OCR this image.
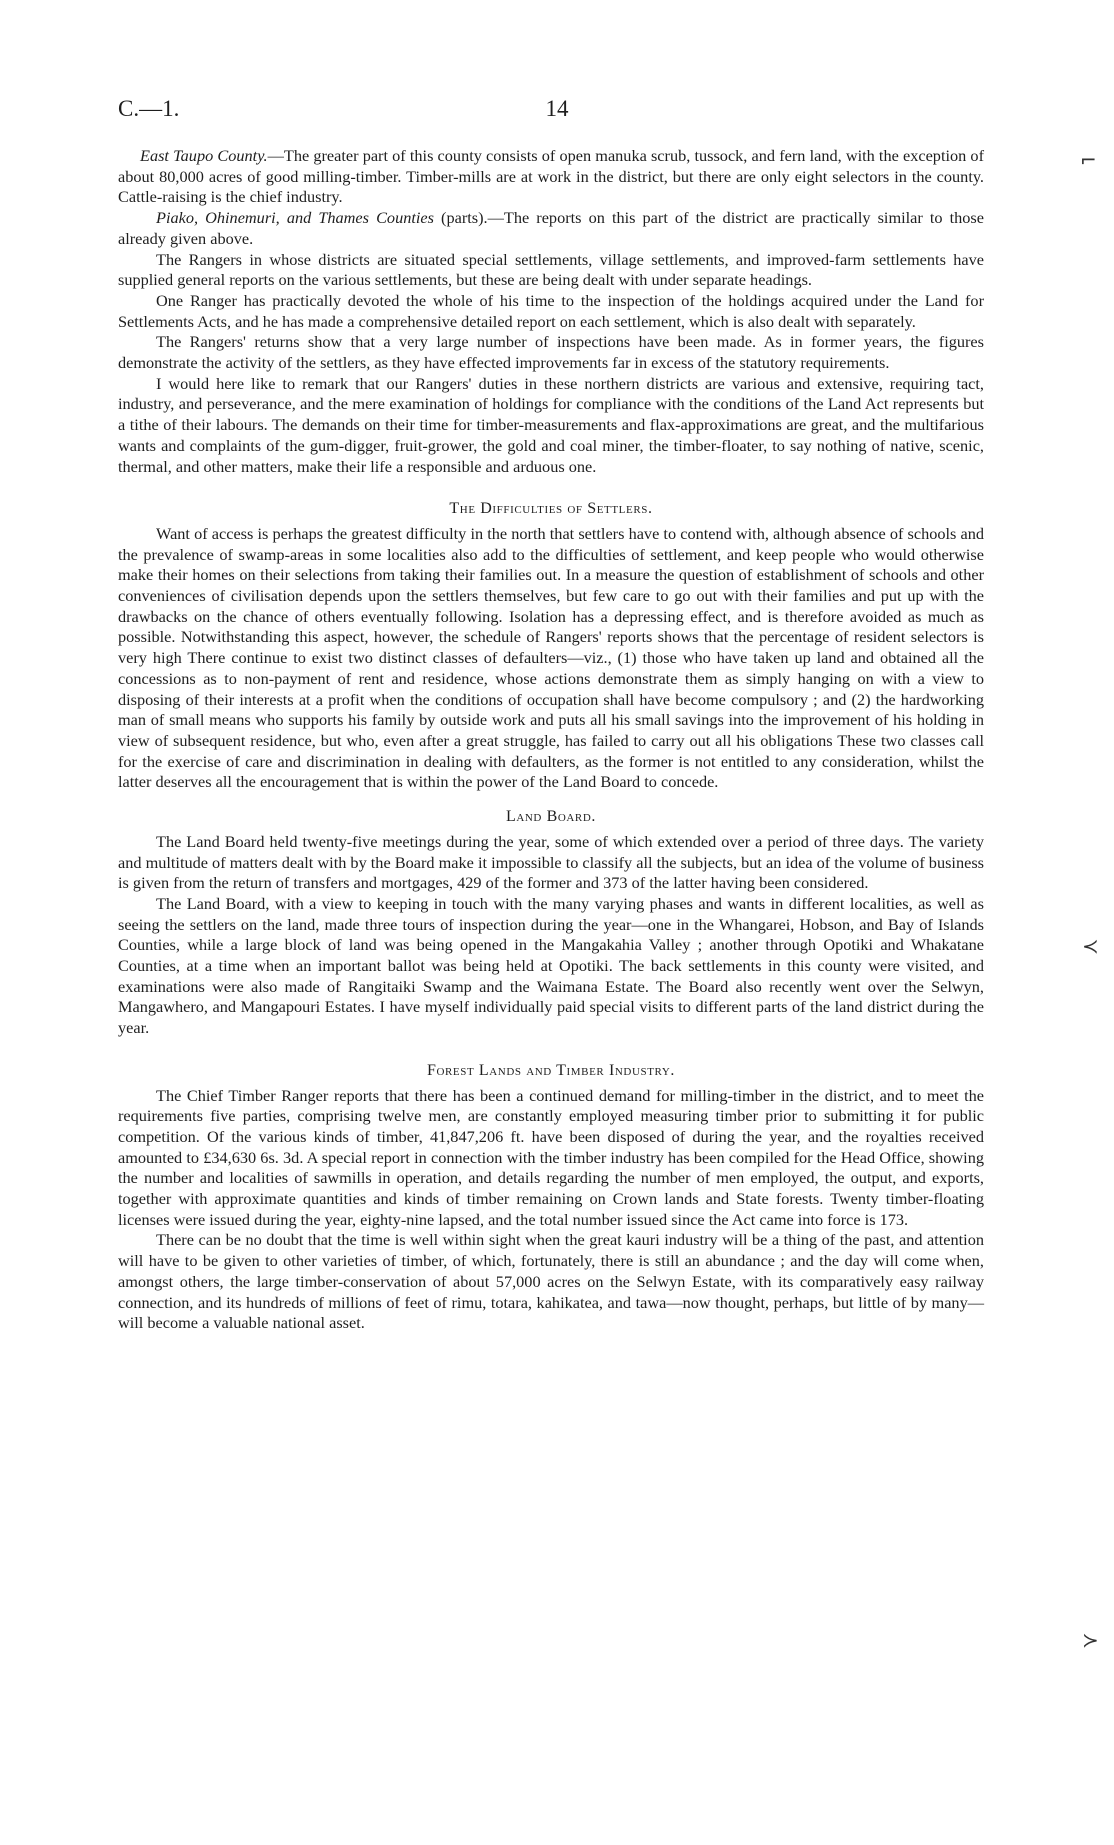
C.—1.	14
⌐
≺
≻

East Taupo County.—The greater part of this county consists of open manuka scrub, tussock, and fern land, with the exception of about 80,000 acres of good milling-timber. Timber-mills are at work in the district, but there are only eight selectors in the county. Cattle-raising is the chief industry.

Piako, Ohinemuri, and Thames Counties (parts).—The reports on this part of the district are practically similar to those already given above.

The Rangers in whose districts are situated special settlements, village settlements, and improved-farm settlements have supplied general reports on the various settlements, but these are being dealt with under separate headings.

One Ranger has practically devoted the whole of his time to the inspection of the holdings acquired under the Land for Settlements Acts, and he has made a comprehensive detailed report on each settlement, which is also dealt with separately.

The Rangers' returns show that a very large number of inspections have been made. As in former years, the figures demonstrate the activity of the settlers, as they have effected improvements far in excess of the statutory requirements.

I would here like to remark that our Rangers' duties in these northern districts are various and extensive, requiring tact, industry, and perseverance, and the mere examination of holdings for compliance with the conditions of the Land Act represents but a tithe of their labours. The demands on their time for timber-measurements and flax-approximations are great, and the multifarious wants and complaints of the gum-digger, fruit-grower, the gold and coal miner, the timber-floater, to say nothing of native, scenic, thermal, and other matters, make their life a responsible and arduous one.

The Difficulties of Settlers.

Want of access is perhaps the greatest difficulty in the north that settlers have to contend with, although absence of schools and the prevalence of swamp-areas in some localities also add to the difficulties of settlement, and keep people who would otherwise make their homes on their selections from taking their families out. In a measure the question of establishment of schools and other conveniences of civilisation depends upon the settlers themselves, but few care to go out with their families and put up with the drawbacks on the chance of others eventually following. Isolation has a depressing effect, and is therefore avoided as much as possible. Notwithstanding this aspect, however, the schedule of Rangers' reports shows that the percentage of resident selectors is very high There continue to exist two distinct classes of defaulters—viz., (1) those who have taken up land and obtained all the concessions as to non-payment of rent and residence, whose actions demonstrate them as simply hanging on with a view to disposing of their interests at a profit when the conditions of occupation shall have become compulsory ; and (2) the hardworking man of small means who supports his family by outside work and puts all his small savings into the improvement of his holding in view of subsequent residence, but who, even after a great struggle, has failed to carry out all his obligations These two classes call for the exercise of care and discrimination in dealing with defaulters, as the former is not entitled to any consideration, whilst the latter deserves all the encouragement that is within the power of the Land Board to concede.

Land Board.

The Land Board held twenty-five meetings during the year, some of which extended over a period of three days. The variety and multitude of matters dealt with by the Board make it impossible to classify all the subjects, but an idea of the volume of business is given from the return of transfers and mortgages, 429 of the former and 373 of the latter having been considered.

The Land Board, with a view to keeping in touch with the many varying phases and wants in different localities, as well as seeing the settlers on the land, made three tours of inspection during the year—one in the Whangarei, Hobson, and Bay of Islands Counties, while a large block of land was being opened in the Mangakahia Valley ; another through Opotiki and Whakatane Counties, at a time when an important ballot was being held at Opotiki. The back settlements in this county were visited, and examinations were also made of Rangitaiki Swamp and the Waimana Estate. The Board also recently went over the Selwyn, Mangawhero, and Mangapouri Estates. I have myself individually paid special visits to different parts of the land district during the year.

Forest Lands and Timber Industry.

The Chief Timber Ranger reports that there has been a continued demand for milling-timber in the district, and to meet the requirements five parties, comprising twelve men, are constantly employed measuring timber prior to submitting it for public competition. Of the various kinds of timber, 41,847,206 ft. have been disposed of during the year, and the royalties received amounted to £34,630 6s. 3d. A special report in connection with the timber industry has been compiled for the Head Office, showing the number and localities of sawmills in operation, and details regarding the number of men employed, the output, and exports, together with approximate quantities and kinds of timber remaining on Crown lands and State forests. Twenty timber-floating licenses were issued during the year, eighty-nine lapsed, and the total number issued since the Act came into force is 173.

There can be no doubt that the time is well within sight when the great kauri industry will be a thing of the past, and attention will have to be given to other varieties of timber, of which, fortunately, there is still an abundance ; and the day will come when, amongst others, the large timber-conservation of about 57,000 acres on the Selwyn Estate, with its comparatively easy railway connection, and its hundreds of millions of feet of rimu, totara, kahikatea, and tawa—now thought, perhaps, but little of by many—will become a valuable national asset.
